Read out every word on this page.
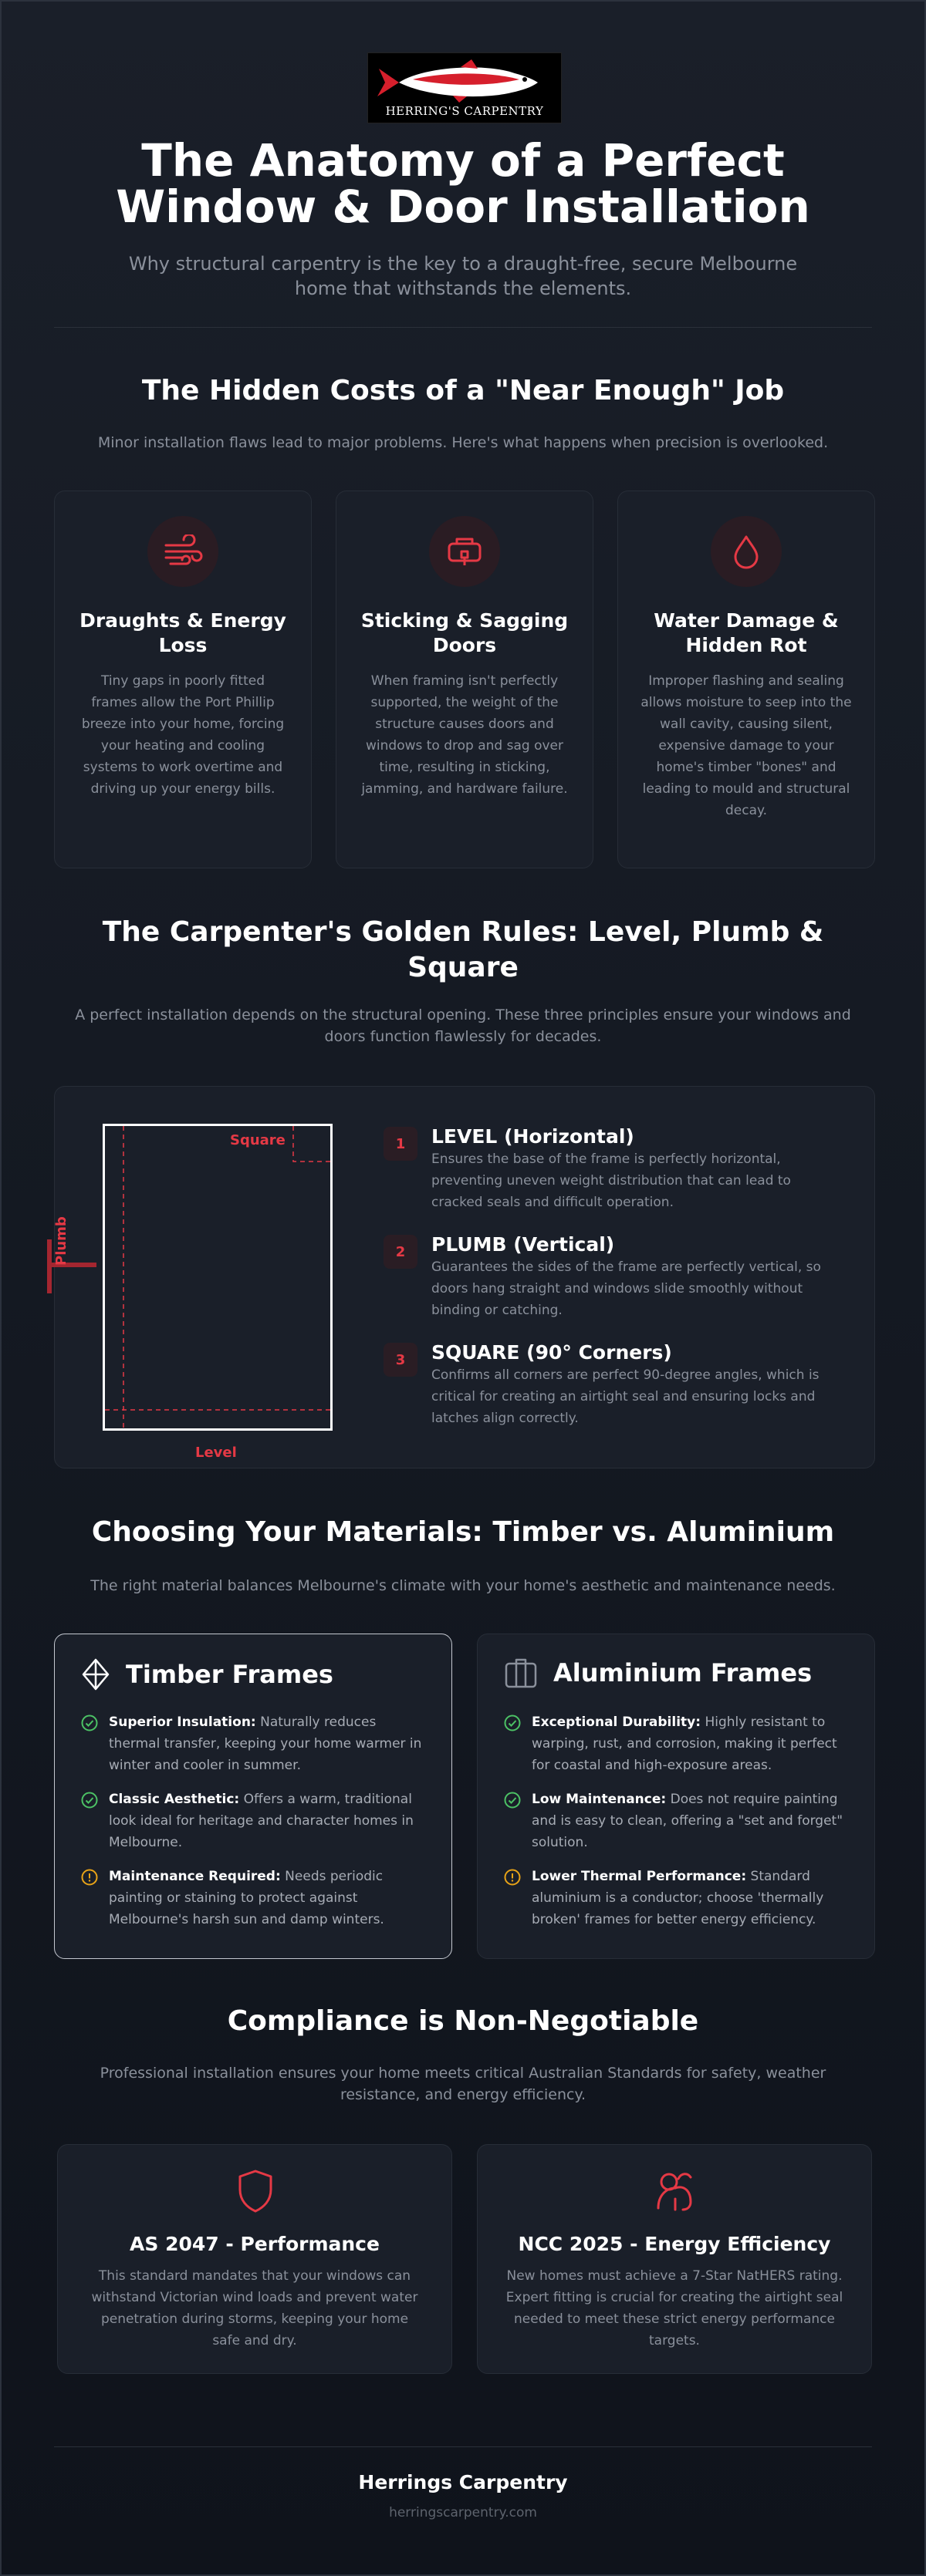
HERRING'S CARPENTRY
The Anatomy of a Perfect
Window & Door Installation
Why structural carpentry is the key to a draught-free, secure Melbourne home that withstands the elements.
The Hidden Costs of a "Near Enough" Job
Minor installation flaws lead to major problems. Here's what happens when precision is overlooked.
Draughts & Energy Loss
Tiny gaps in poorly fitted frames allow the Port Phillip breeze into your home, forcing your heating and cooling systems to work overtime and driving up your energy bills.
Sticking & Sagging Doors
When framing isn't perfectly supported, the weight of the structure causes doors and windows to drop and sag over time, resulting in sticking, jamming, and hardware failure.
Water Damage & Hidden Rot
Improper flashing and sealing allows moisture to seep into the wall cavity, causing silent, expensive damage to your home's timber "bones" and leading to mould and structural decay.
The Carpenter's Golden Rules: Level, Plumb &
Square
A perfect installation depends on the structural opening. These three principles ensure your windows and doors function flawlessly for decades.
Square
Plumb
Level
1	LEVEL (Horizontal)
Ensures the base of the frame is perfectly horizontal, preventing uneven weight distribution that can lead to cracked seals and difficult operation.
2	PLUMB (Vertical)
Guarantees the sides of the frame are perfectly vertical, so doors hang straight and windows slide smoothly without binding or catching.
3	SQUARE (90° Corners)
Confirms all corners are perfect 90-degree angles, which is critical for creating an airtight seal and ensuring locks and latches align correctly.
Choosing Your Materials: Timber vs. Aluminium
The right material balances Melbourne's climate with your home's aesthetic and maintenance needs.
Timber Frames
Superior Insulation: Naturally reduces thermal transfer, keeping your home warmer in winter and cooler in summer.
Classic Aesthetic: Offers a warm, traditional look ideal for heritage and character homes in Melbourne.
Maintenance Required: Needs periodic painting or staining to protect against Melbourne's harsh sun and damp winters.
Aluminium Frames
Exceptional Durability: Highly resistant to warping, rust, and corrosion, making it perfect for coastal and high-exposure areas.
Low Maintenance: Does not require painting and is easy to clean, offering a "set and forget" solution.
Lower Thermal Performance: Standard aluminium is a conductor; choose 'thermally broken' frames for better energy efficiency.
Compliance is Non-Negotiable
Professional installation ensures your home meets critical Australian Standards for safety, weather resistance, and energy efficiency.
AS 2047 - Performance
This standard mandates that your windows can withstand Victorian wind loads and prevent water penetration during storms, keeping your home safe and dry.
NCC 2025 - Energy Efficiency
New homes must achieve a 7-Star NatHERS rating. Expert fitting is crucial for creating the airtight seal needed to meet these strict energy performance targets.
Herrings Carpentry
herringscarpentry.com
